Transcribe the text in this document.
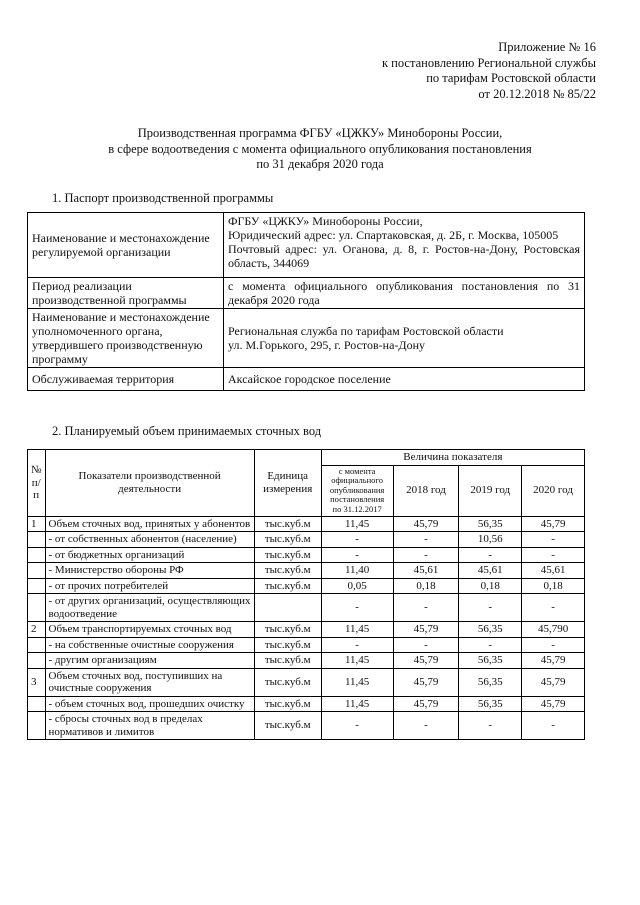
Приложение № 16
к постановлению Региональной службы
по тарифам Ростовской области
от 20.12.2018 № 85/22
Производственная программа ФГБУ «ЦЖКУ» Минобороны России,
в сфере водоотведения с момента официального опубликования постановления
по 31 декабря 2020 года
1. Паспорт производственной программы
Наименование и местонахождение регулируемой организации	ФГБУ «ЦЖКУ» Минобороны России,
Юридический адрес: ул. Спартаковская, д. 2Б, г. Москва, 105005
Почтовый адрес: ул. Оганова, д. 8, г. Ростов-на-Дону, Ростовская область, 344069

Период реализации производственной программы	с момента официального опубликования постановления по 31 декабря 2020 года
Наименование и местонахождение уполномоченного органа, утвердившего производственную программу	Региональная служба по тарифам Ростовской области
ул. М.Горького, 295, г. Ростов-на-Дону

Обслуживаемая территория	Аксайское городское поселение
2. Планируемый объем принимаемых сточных вод
№ п/п	Показатели производственной деятельности	Единица измерения	Величина показателя			
			с момента официального опубликования постановления по 31.12.2017	2018 год	2019 год	2020 год
1	Объем сточных вод, принятых у абонентов	тыс.куб.м	11,45	45,79	56,35	45,79
	- от собственных абонентов (население)	тыс.куб.м	-	-	10,56	-
	- от бюджетных организаций	тыс.куб.м	-	-	-	-
	- Министерство обороны РФ	тыс.куб.м	11,40	45,61	45,61	45,61
	- от прочих потребителей	тыс.куб.м	0,05	0,18	0,18	0,18
	- от других организаций, осуществляющих водоотведение		-	-	-	-
2	Объем транспортируемых сточных вод	тыс.куб.м	11,45	45,79	56,35	45,790
	- на собственные очистные сооружения	тыс.куб.м	-	-	-	-
	- другим организациям	тыс.куб.м	11,45	45,79	56,35	45,79
3	Объем сточных вод, поступивших на очистные сооружения	тыс.куб.м	11,45	45,79	56,35	45,79
	- объем сточных вод, прошедших очистку	тыс.куб.м	11,45	45,79	56,35	45,79
	- сбросы сточных вод в пределах нормативов и лимитов	тыс.куб.м	-	-	-	-
